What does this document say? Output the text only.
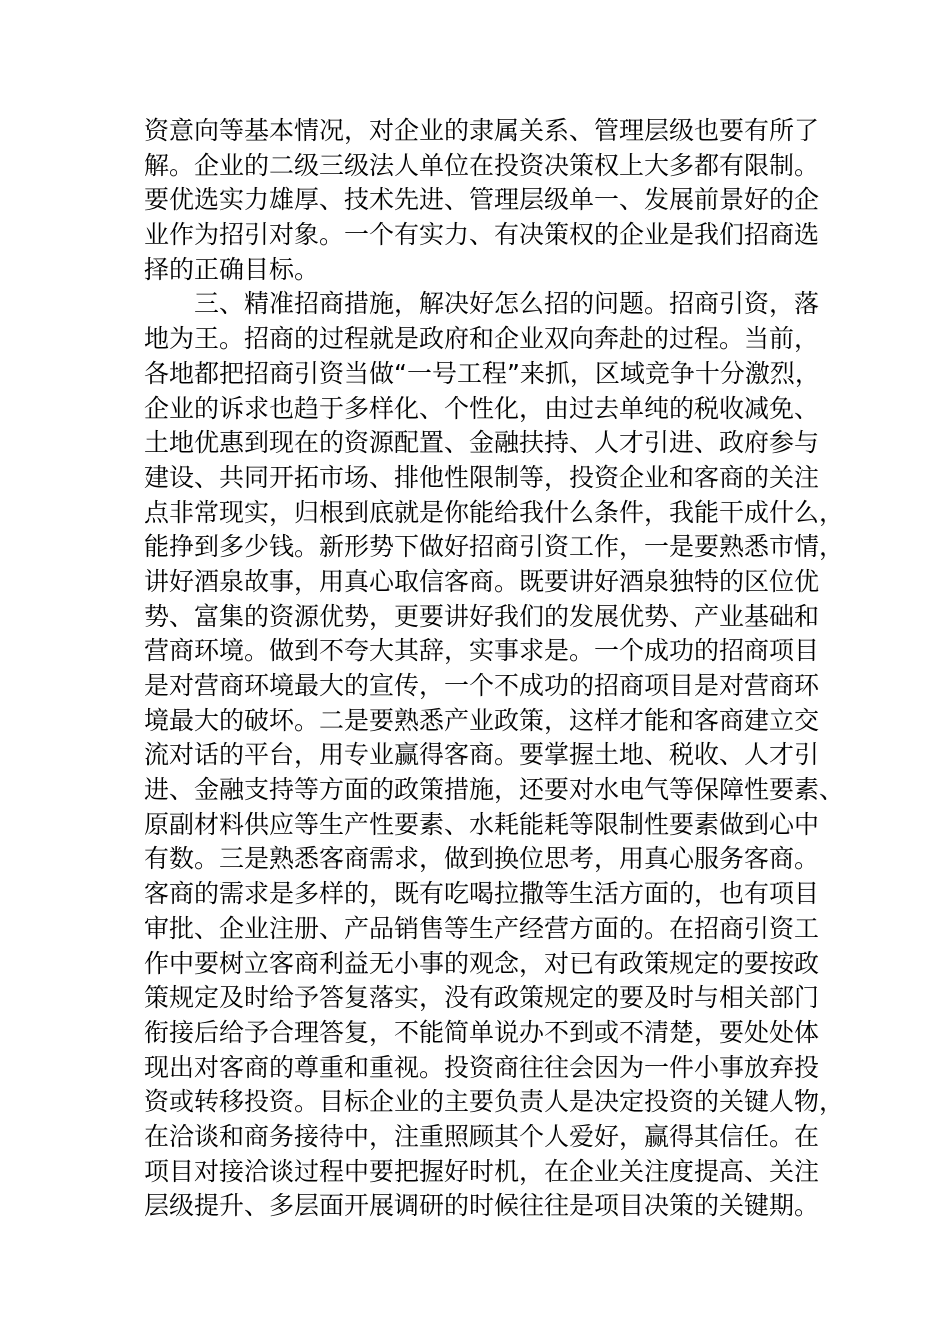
资意向等基本情况，对企业的隶属关系、管理层级也要有所了
解。企业的二级三级法人单位在投资决策权上大多都有限制。
要优选实力雄厚、技术先进、管理层级单一、发展前景好的企
业作为招引对象。一个有实力、有决策权的企业是我们招商选
择的正确目标。
　　三、精准招商措施，解决好怎么招的问题。招商引资，落
地为王。招商的过程就是政府和企业双向奔赴的过程。当前，
各地都把招商引资当做“一号工程”来抓，区域竞争十分激烈，
企业的诉求也趋于多样化、个性化，由过去单纯的税收减免、
土地优惠到现在的资源配置、金融扶持、人才引进、政府参与
建设、共同开拓市场、排他性限制等，投资企业和客商的关注
点非常现实，归根到底就是你能给我什么条件，我能干成什么，
能挣到多少钱。新形势下做好招商引资工作，一是要熟悉市情，
讲好酒泉故事，用真心取信客商。既要讲好酒泉独特的区位优
势、富集的资源优势，更要讲好我们的发展优势、产业基础和
营商环境。做到不夸大其辞，实事求是。一个成功的招商项目
是对营商环境最大的宣传，一个不成功的招商项目是对营商环
境最大的破坏。二是要熟悉产业政策，这样才能和客商建立交
流对话的平台，用专业赢得客商。要掌握土地、税收、人才引
进、金融支持等方面的政策措施，还要对水电气等保障性要素、
原副材料供应等生产性要素、水耗能耗等限制性要素做到心中
有数。三是熟悉客商需求，做到换位思考，用真心服务客商。
客商的需求是多样的，既有吃喝拉撒等生活方面的，也有项目
审批、企业注册、产品销售等生产经营方面的。在招商引资工
作中要树立客商利益无小事的观念，对已有政策规定的要按政
策规定及时给予答复落实，没有政策规定的要及时与相关部门
衔接后给予合理答复，不能简单说办不到或不清楚，要处处体
现出对客商的尊重和重视。投资商往往会因为一件小事放弃投
资或转移投资。目标企业的主要负责人是决定投资的关键人物，
在洽谈和商务接待中，注重照顾其个人爱好，赢得其信任。在
项目对接洽谈过程中要把握好时机，在企业关注度提高、关注
层级提升、多层面开展调研的时候往往是项目决策的关键期。
